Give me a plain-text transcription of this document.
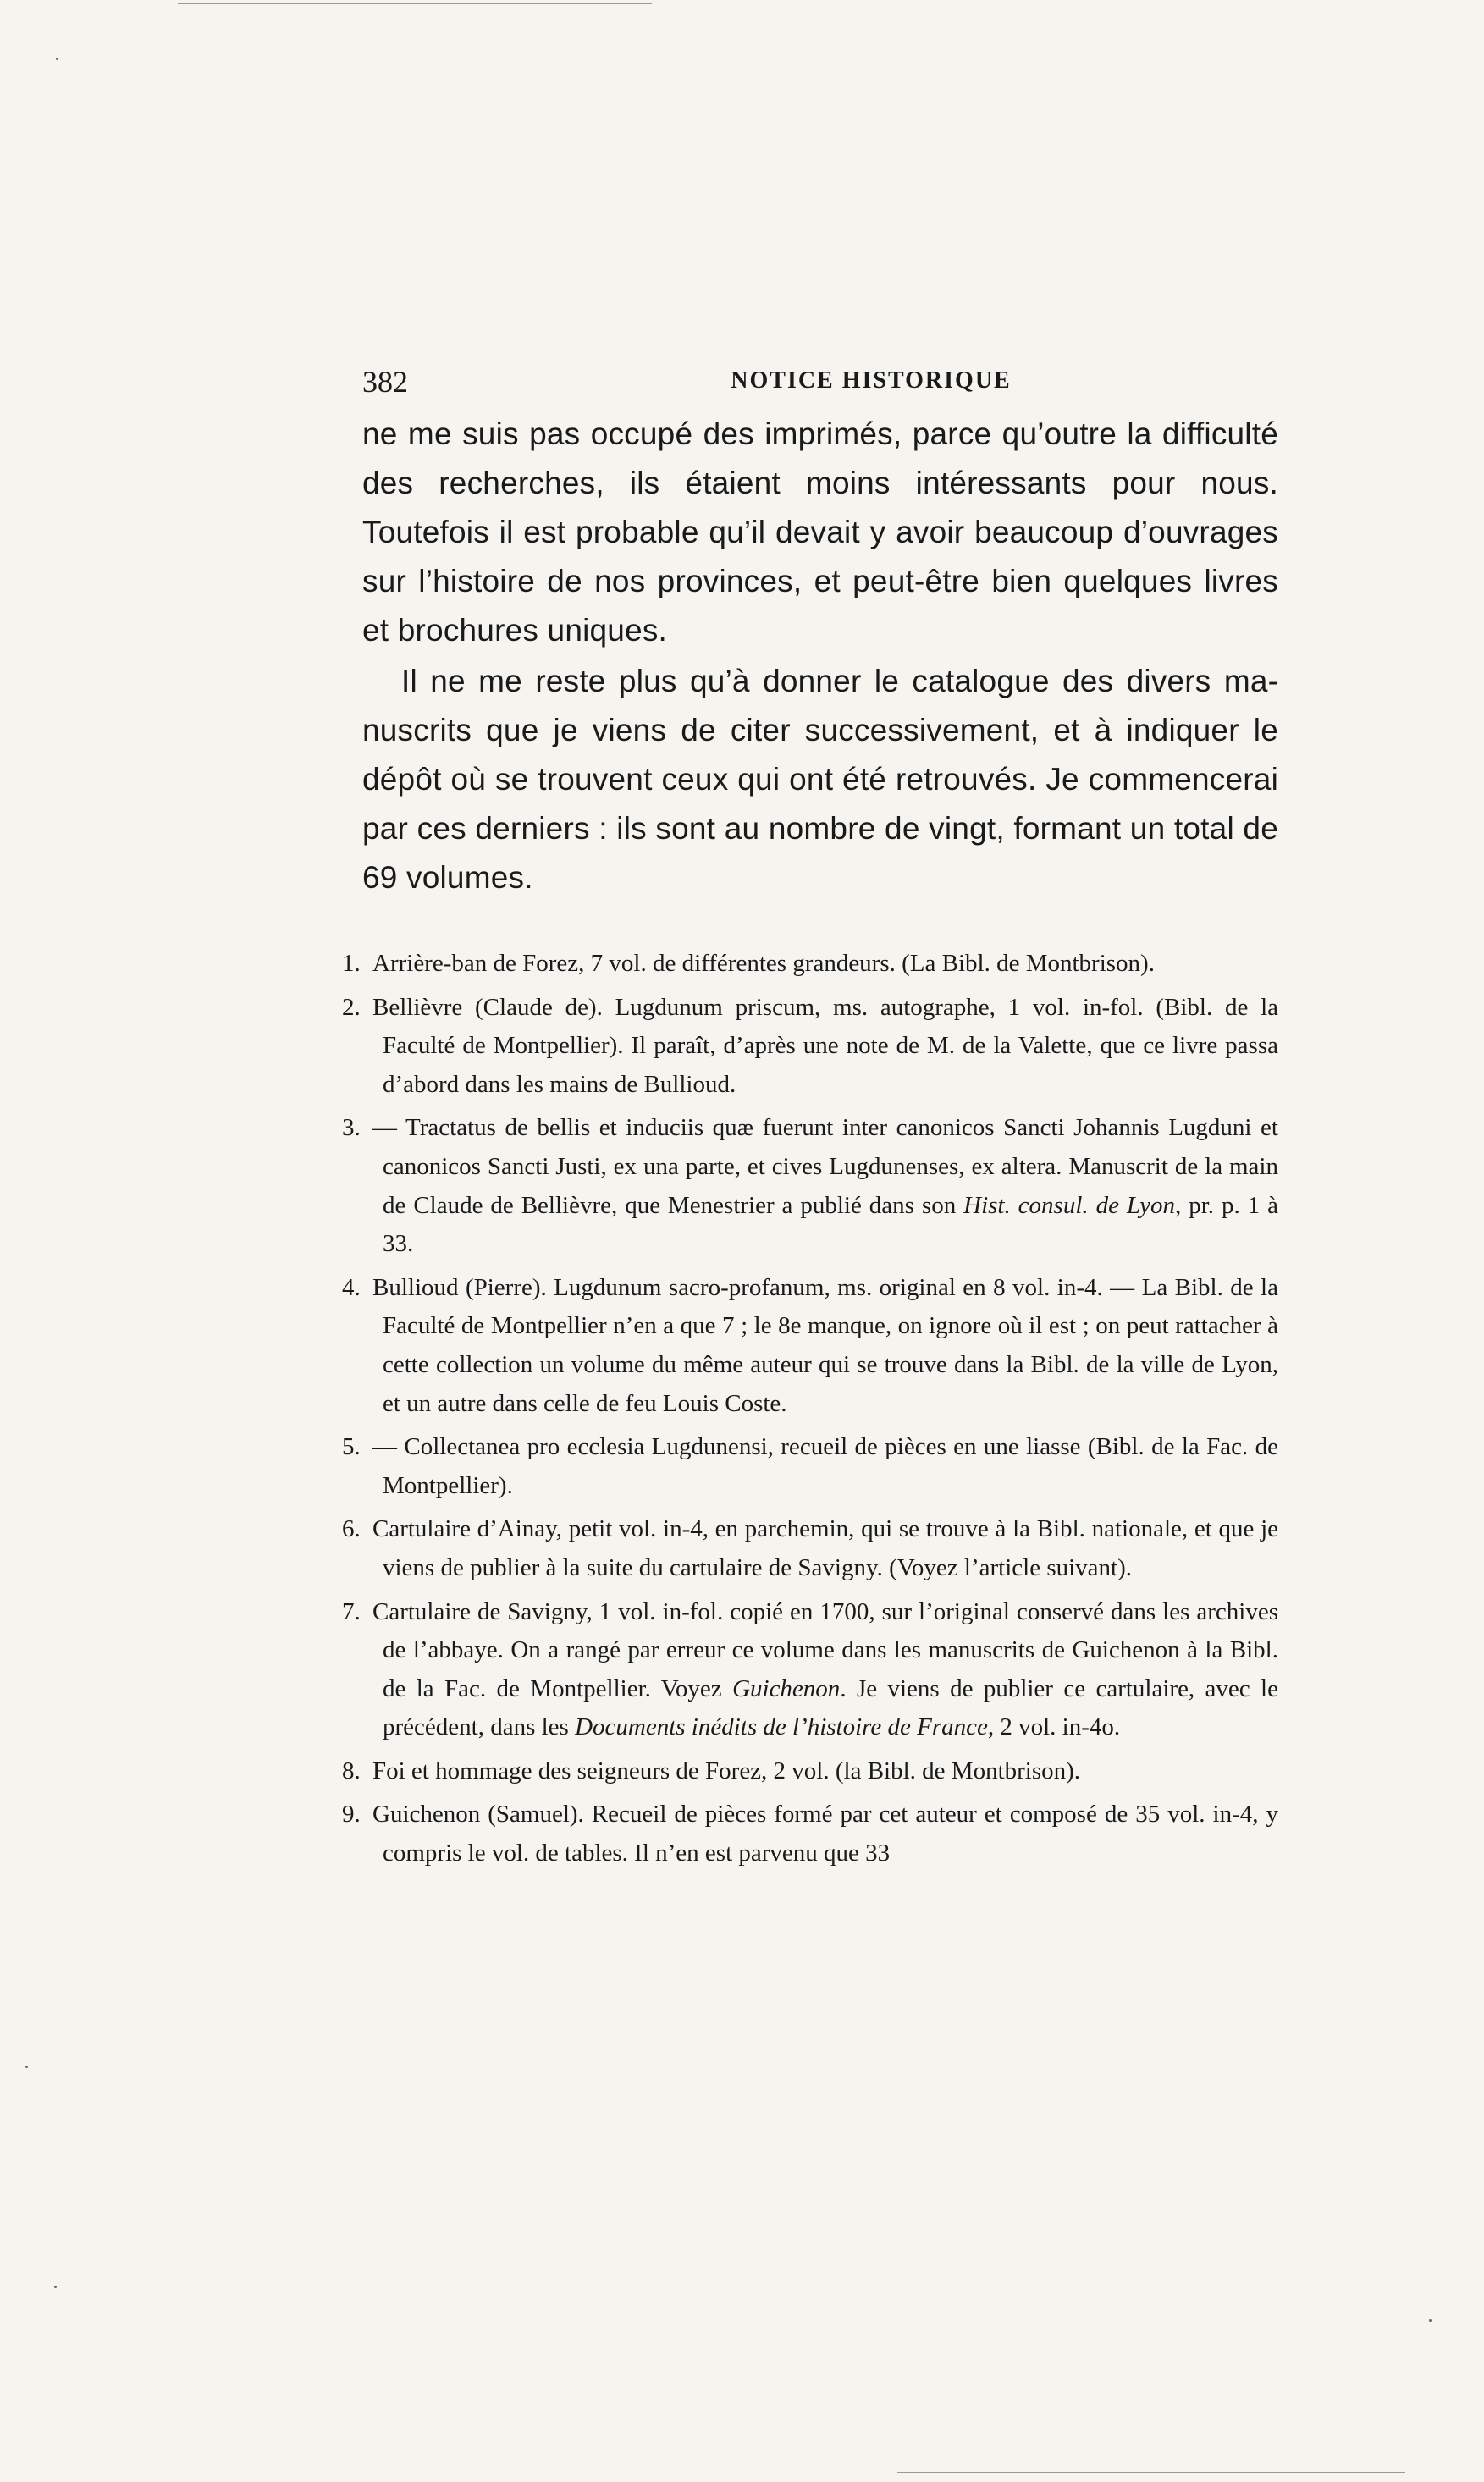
382	NOTICE HISTORIQUE

ne me suis pas occupé des imprimés, parce qu’outre la difficulté des recherches, ils étaient moins intéressants pour nous. Toutefois il est probable qu’il devait y avoir beaucoup d’ouvrages sur l’histoire de nos provinces, et peut-être bien quelques livres et brochures uniques.

Il ne me reste plus qu’à donner le catalogue des divers manuscrits que je viens de citer successivement, et à indiquer le dépôt où se trouvent ceux qui ont été retrouvés. Je commencerai par ces derniers : ils sont au nombre de vingt, formant un total de 69 volumes.

1. Arrière-ban de Forez, 7 vol. de différentes grandeurs. (La Bibl. de Montbrison).

2. Bellièvre (Claude de). Lugdunum priscum, ms. autographe, 1 vol. in-fol. (Bibl. de la Faculté de Montpellier). Il paraît, d’après une note de M. de la Valette, que ce livre passa d’abord dans les mains de Bullioud.

3. — Tractatus de bellis et induciis quæ fuerunt inter canonicos Sancti Johannis Lugduni et canonicos Sancti Justi, ex una parte, et cives Lugdunenses, ex altera. Manuscrit de la main de Claude de Bellièvre, que Menestrier a publié dans son Hist. consul. de Lyon, pr. p. 1 à 33.

4. Bullioud (Pierre). Lugdunum sacro-profanum, ms. original en 8 vol. in-4. — La Bibl. de la Faculté de Montpellier n’en a que 7 ; le 8e manque, on ignore où il est ; on peut rattacher à cette collection un volume du même auteur qui se trouve dans la Bibl. de la ville de Lyon, et un autre dans celle de feu Louis Coste.

5. — Collectanea pro ecclesia Lugdunensi, recueil de pièces en une liasse (Bibl. de la Fac. de Montpellier).

6. Cartulaire d’Ainay, petit vol. in-4, en parchemin, qui se trouve à la Bibl. nationale, et que je viens de publier à la suite du cartulaire de Savigny. (Voyez l’article suivant).

7. Cartulaire de Savigny, 1 vol. in-fol. copié en 1700, sur l’original conservé dans les archives de l’abbaye. On a rangé par erreur ce volume dans les manuscrits de Guichenon à la Bibl. de la Fac. de Montpellier. Voyez Guichenon. Je viens de publier ce cartulaire, avec le précédent, dans les Documents inédits de l’histoire de France, 2 vol. in-4o.

8. Foi et hommage des seigneurs de Forez, 2 vol. (la Bibl. de Montbrison).

9. Guichenon (Samuel). Recueil de pièces formé par cet auteur et composé de 35 vol. in-4, y compris le vol. de tables. Il n’en est parvenu que 33
